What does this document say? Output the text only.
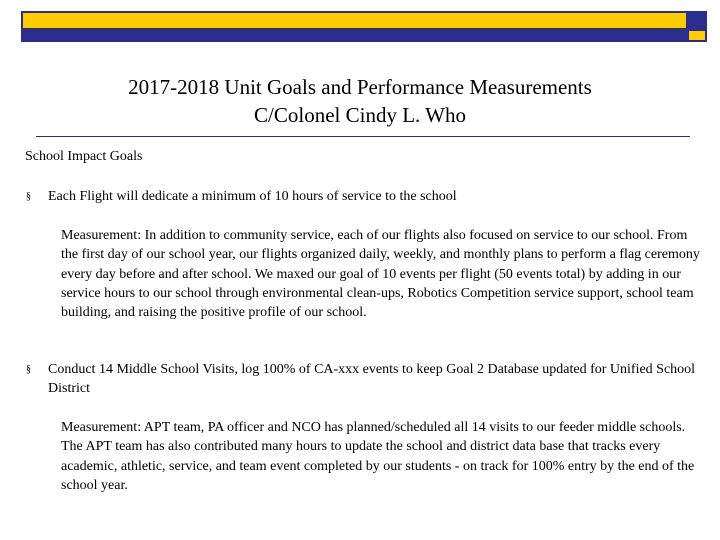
2017-2018 Unit Goals and Performance Measurements
C/Colonel Cindy L. Who
School Impact Goals
§ Each Flight will dedicate a minimum of 10 hours of service to the school
Measurement: In addition to community service, each of our flights also focused on service to our school. From the first day of our school year, our flights organized daily, weekly, and monthly plans to perform a flag ceremony every day before and after school. We maxed our goal of 10 events per flight (50 events total) by adding in our service hours to our school through environmental clean-ups, Robotics Competition service support, school team building, and raising the positive profile of our school.
§ Conduct 14 Middle School Visits, log 100% of CA-xxx events to keep Goal 2 Database updated for Unified School District
Measurement: APT team, PA officer and NCO has planned/scheduled all 14 visits to our feeder middle schools. The APT team has also contributed many hours to update the school and district data base that tracks every academic, athletic, service, and team event completed by our students - on track for 100% entry by the end of the school year.
